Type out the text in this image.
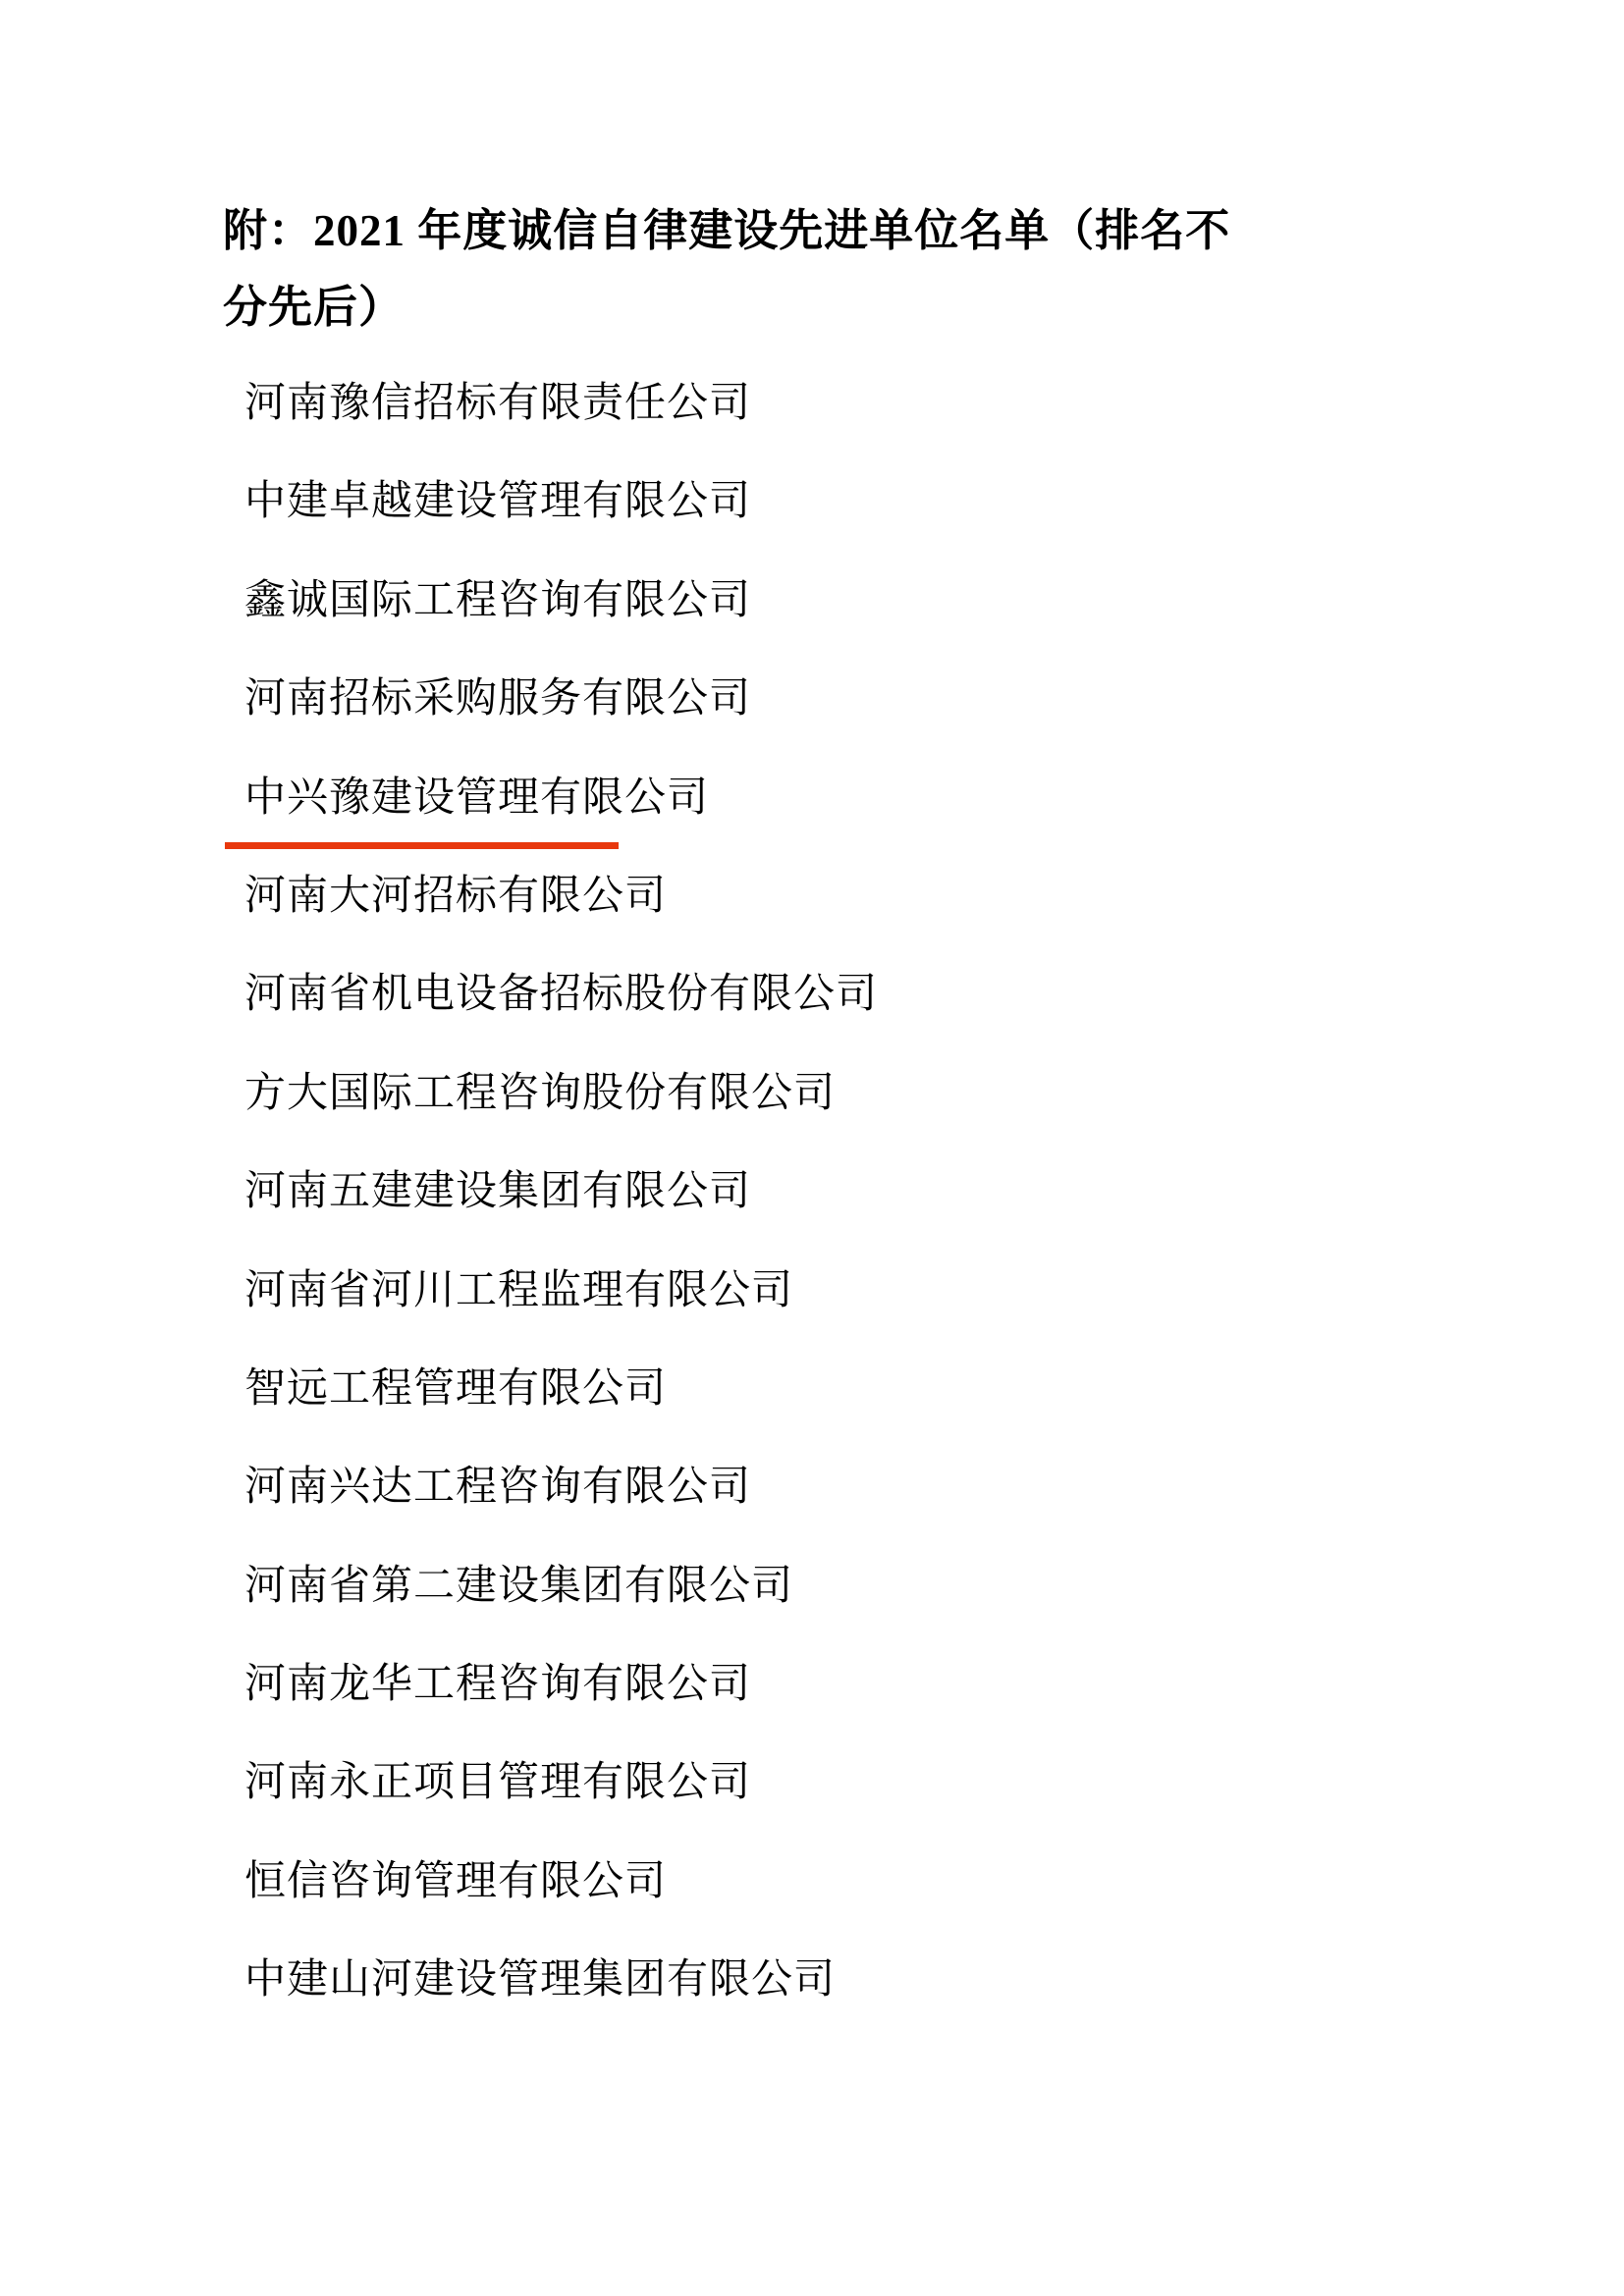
附：2021 年度诚信自律建设先进单位名单（排名不
分先后）
河南豫信招标有限责任公司
中建卓越建设管理有限公司
鑫诚国际工程咨询有限公司
河南招标采购服务有限公司
中兴豫建设管理有限公司
河南大河招标有限公司
河南省机电设备招标股份有限公司
方大国际工程咨询股份有限公司
河南五建建设集团有限公司
河南省河川工程监理有限公司
智远工程管理有限公司
河南兴达工程咨询有限公司
河南省第二建设集团有限公司
河南龙华工程咨询有限公司
河南永正项目管理有限公司
恒信咨询管理有限公司
中建山河建设管理集团有限公司
